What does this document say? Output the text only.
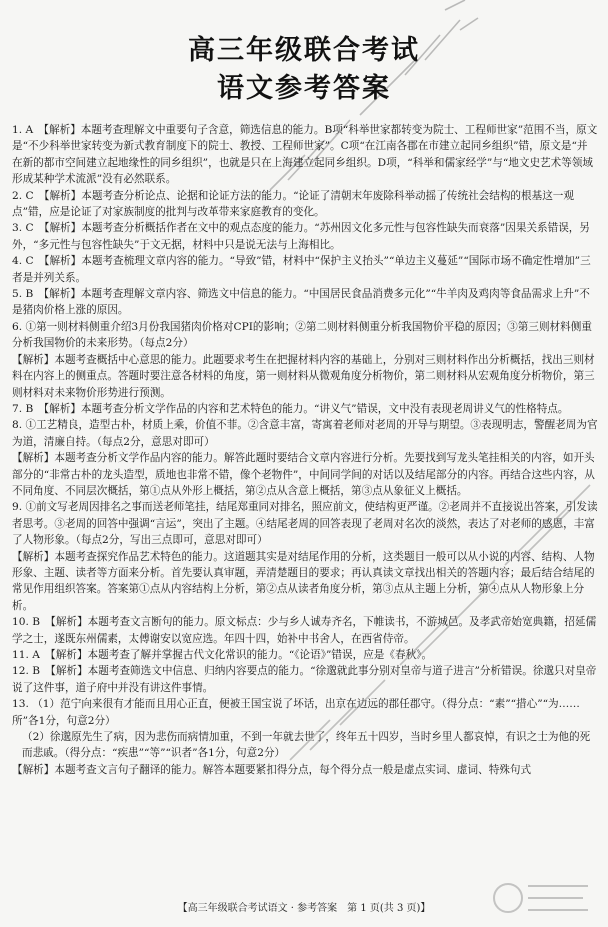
高三年级联合考试
语文参考答案

1. A　【解析】本题考查理解文中重要句子含意，筛选信息的能力。B项“科举世家都转变为院士、工程师世家”范围不当，原文是“不少科举世家转变为新式教育制度下的院士、教授、工程师世家”。C项“在江南各郡在市建立起同乡组织”错，原文是“并在新的都市空间建立起地缘性的同乡组织”，也就是只在上海建立起同乡组织。D项，“科举和儒家经学”与“地文史艺术等领域形成某种学术流派”没有必然联系。

2. C　【解析】本题考查分析论点、论据和论证方法的能力。“论证了清朝末年废除科举动摇了传统社会结构的根基这一观点”错，应是论证了对家族制度的批判与改革带来家庭教育的变化。

3. C　【解析】本题考查分析概括作者在文中的观点态度的能力。“苏州因文化多元性与包容性缺失而衰落”因果关系错误，另外，“多元性与包容性缺失”于文无据，材料中只是说无法与上海相比。

4. C　【解析】本题考查梳理文章内容的能力。“导致”错，材料中“保护主义抬头”“单边主义蔓延”“国际市场不确定性增加”三者是并列关系。

5. B　【解析】本题考查理解文章内容、筛选文中信息的能力。“中国居民食品消费多元化”“牛羊肉及鸡肉等食品需求上升”不是猪肉价格上涨的原因。

6. ①第一则材料侧重介绍3月份我国猪肉价格对CPI的影响；②第二则材料侧重分析我国物价平稳的原因；③第三则材料侧重分析我国物价的未来形势。（每点2分）

【解析】本题考查概括中心意思的能力。此题要求考生在把握材料内容的基础上，分别对三则材料作出分析概括，找出三则材料在内容上的侧重点。答题时要注意各材料的角度，第一则材料从微观角度分析物价，第二则材料从宏观角度分析物价，第三则材料对未来物价形势进行预测。

7. B　【解析】本题考查分析文学作品的内容和艺术特色的能力。“讲义气”错误，文中没有表现老周讲义气的性格特点。

8. ①工艺精良，造型古朴，材质上乘，价值不菲。②含意丰富，寄寓着老师对老周的开导与期望。③表现明志，警醒老周为官为道，清廉自持。（每点2分，意思对即可）

【解析】本题考查分析文学作品内容的能力。解答此题时要结合文章内容进行分析。先要找到写龙头笔挂相关的内容，如开头部分的“非常古朴的龙头造型，质地也非常不错，像个老物件”，中间同学间的对话以及结尾部分的内容。再结合这些内容，从不同角度、不同层次概括，第①点从外形上概括，第②点从含意上概括，第③点从象征义上概括。

9. ①前文写老周因排名之事而送老师笔挂，结尾郑重同对排名，照应前文，使结构更严谨。②老周并不直接说出答案，引发读者思考。③老周的回答中强调“言运”，突出了主题。④结尾老周的回答表现了老周对名次的淡然，表达了对老师的感恩，丰富了人物形象。（每点2分，写出三点即可，意思对即可）

【解析】本题考查探究作品艺术特色的能力。这道题其实是对结尾作用的分析，这类题目一般可以从小说的内容、结构、人物形象、主题、读者等方面来分析。首先要认真审题，弄清楚题目的要求；再认真读文章找出相关的答题内容；最后结合结尾的常见作用组织答案。答案第①点从内容结构上分析，第②点从读者角度分析，第③点从主题上分析，第④点从人物形象上分析。

10. B　【解析】本题考查文言断句的能力。原文标点：少与乡人诚寿齐名，下帷读书，不游城邑。及孝武帝始宽典籍，招延儒学之士，遂既东州儒素，太傅谢安以宽应选。年四十四，始补中书舍人，在西省侍帝。

11. A　【解析】本题考查了解并掌握古代文化常识的能力。“《论语》”错误，应是《春秋》。

12. B　【解析】本题考查筛选文中信息、归纳内容要点的能力。“徐邈就此事分别对皇帝与道子进言”分析错误。徐邈只对皇帝说了这件事，道子府中并没有讲这件事情。

13. （1）范宁向来很有才能而且用心正直，便被王国宝说了坏话，出京在边远的郡任郡守。（得分点：“素”“措心”“为……所”各1分，句意2分）

（2）徐邈原先生了病，因为悲伤而病情加重，不到一年就去世了，终年五十四岁，当时乡里人都哀悼，有识之士为他的死而悲戚。（得分点：“疾患”“等”“识者”各1分，句意2分）

【解析】本题考查文言句子翻译的能力。解答本题要紧扣得分点，每个得分点一般是虚点实词、虚词、特殊句式

【高三年级联合考试语文 · 参考答案　第 1 页(共 3 页)】
